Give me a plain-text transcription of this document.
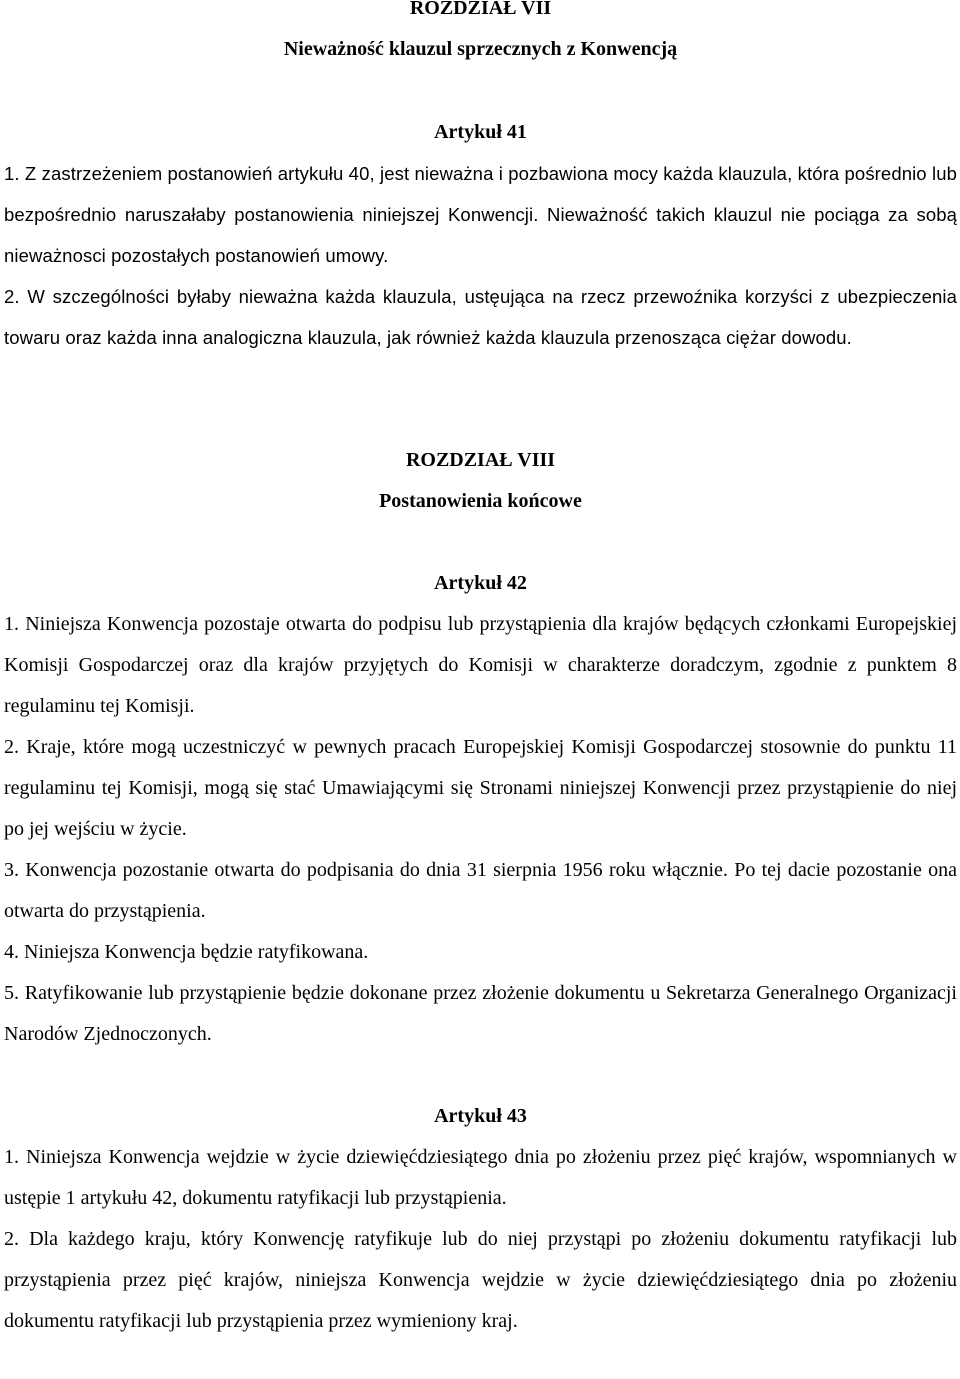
ROZDZIAŁ VII

Nieważność klauzul sprzecznych z Konwencją

Artykuł 41

1. Z zastrzeżeniem postanowień artykułu 40, jest nieważna i pozbawiona mocy każda klauzula, która pośrednio lub bezpośrednio naruszałaby postanowienia niniejszej Konwencji. Nieważność takich klauzul nie pociąga za sobą nieważnosci pozostałych postanowień umowy.

2. W szczególności byłaby nieważna każda klauzula, ustęująca na rzecz przewoźnika korzyści z ubezpieczenia towaru oraz każda inna analogiczna klauzula, jak również każda klauzula przenosząca ciężar dowodu.

ROZDZIAŁ VIII

Postanowienia końcowe

Artykuł 42

1. Niniejsza Konwencja pozostaje otwarta do podpisu lub przystąpienia dla krajów będących członkami Europejskiej Komisji Gospodarczej oraz dla krajów przyjętych do Komisji w charakterze doradczym, zgodnie z punktem 8 regulaminu tej Komisji.

2. Kraje, które mogą uczestniczyć w pewnych pracach Europejskiej Komisji Gospodarczej stosownie do punktu 11 regulaminu tej Komisji, mogą się stać Umawiającymi się Stronami niniejszej Konwencji przez przystąpienie do niej po jej wejściu w życie.

3. Konwencja pozostanie otwarta do podpisania do dnia 31 sierpnia 1956 roku włącznie. Po tej dacie pozostanie ona otwarta do przystąpienia.

4. Niniejsza Konwencja będzie ratyfikowana.

5. Ratyfikowanie lub przystąpienie będzie dokonane przez złożenie dokumentu u Sekretarza Generalnego Organizacji Narodów Zjednoczonych.

Artykuł 43

1. Niniejsza Konwencja wejdzie w życie dziewięćdziesiątego dnia po złożeniu przez pięć krajów, wspomnianych w ustępie 1 artykułu 42, dokumentu ratyfikacji lub przystąpienia.

2. Dla każdego kraju, który Konwencję ratyfikuje lub do niej przystąpi po złożeniu dokumentu ratyfikacji lub przystąpienia przez pięć krajów, niniejsza Konwencja wejdzie w życie dziewięćdziesiątego dnia po złożeniu dokumentu ratyfikacji lub przystąpienia przez wymieniony kraj.
